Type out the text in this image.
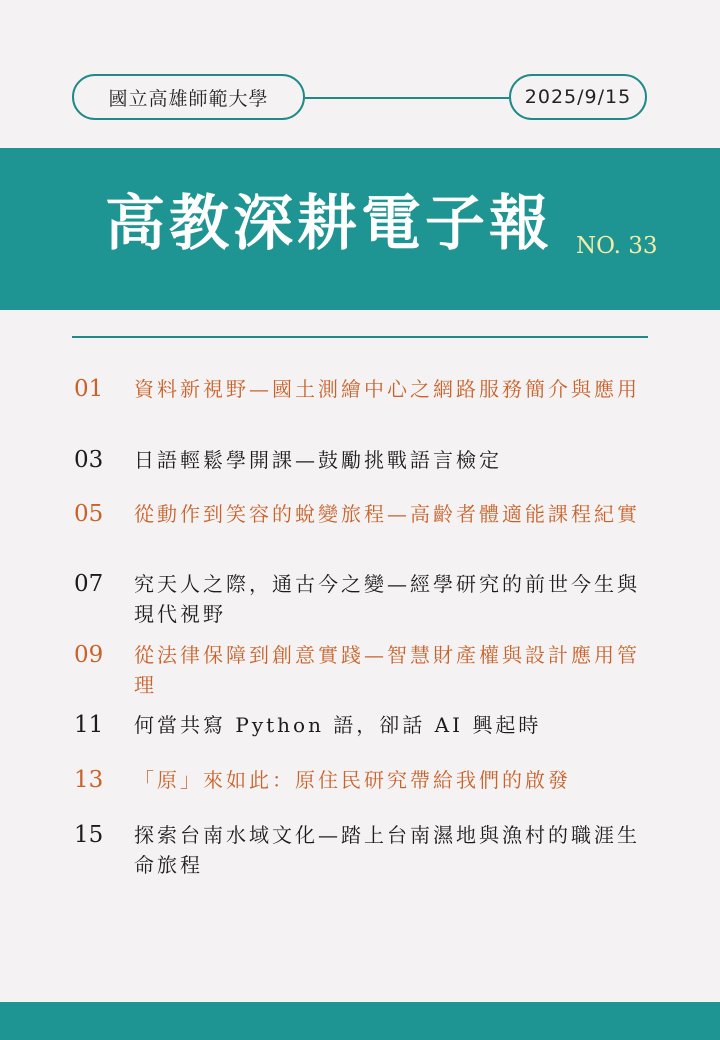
國立高雄師範大學	2025/9/15
高教深耕電子報 NO. 33
01 資料新視野—國土測繪中心之網路服務簡介與應用
03 日語輕鬆學開課—鼓勵挑戰語言檢定
05 從動作到笑容的蛻變旅程—高齡者體適能課程紀實
07 究天人之際，通古今之變—經學研究的前世今生與現代視野
09 從法律保障到創意實踐—智慧財產權與設計應用管理
11 何當共寫 Python 語，卻話 AI 興起時
13 「原」來如此：原住民研究帶給我們的啟發
15 探索台南水域文化—踏上台南濕地與漁村的職涯生命旅程
